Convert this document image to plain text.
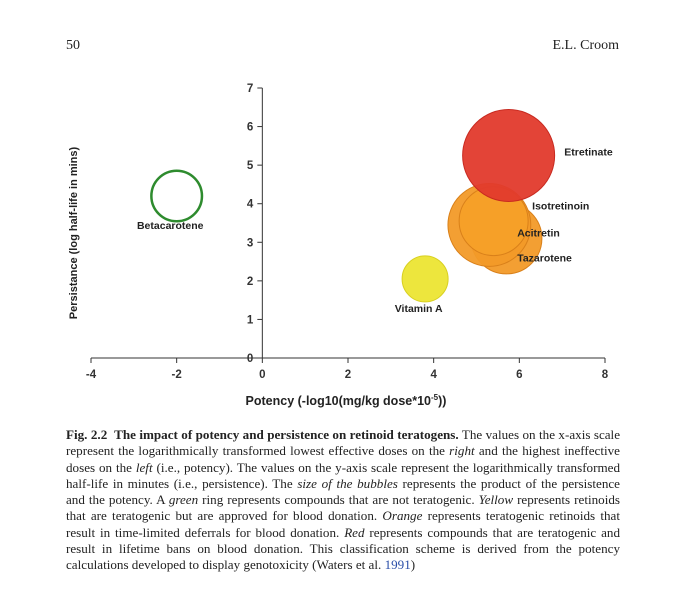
50	E.L. Croom
-4	-2	0	2	4	6	8
0
1
2
3
4
5
6
7
Betacarotene
Vitamin A
Tazarotene
Acitretin
Isotretinoin
Etretinate
Persistance (log half-life in mins)
Potency (-log10(mg/kg $dose*10^{-5}$))
Fig. 2.2 The impact of potency and persistence on retinoid teratogens. The values on the x-axis scale represent the logarithmically transformed lowest effective doses on the right and the highest ineffective doses on the left (i.e., potency). The values on the y-axis scale represent the logarithmically transformed half-life in minutes (i.e., persistence). The size of the bubbles represents the product of the persistence and the potency. A green ring represents compounds that are not teratogenic. Yellow represents retinoids that are teratogenic but are approved for blood donation. Orange represents teratogenic retinoids that result in time-limited deferrals for blood donation. Red represents compounds that are teratogenic and result in lifetime bans on blood donation. This classification scheme is derived from the potency calculations developed to display genotoxicity (Waters et al. 1991)
